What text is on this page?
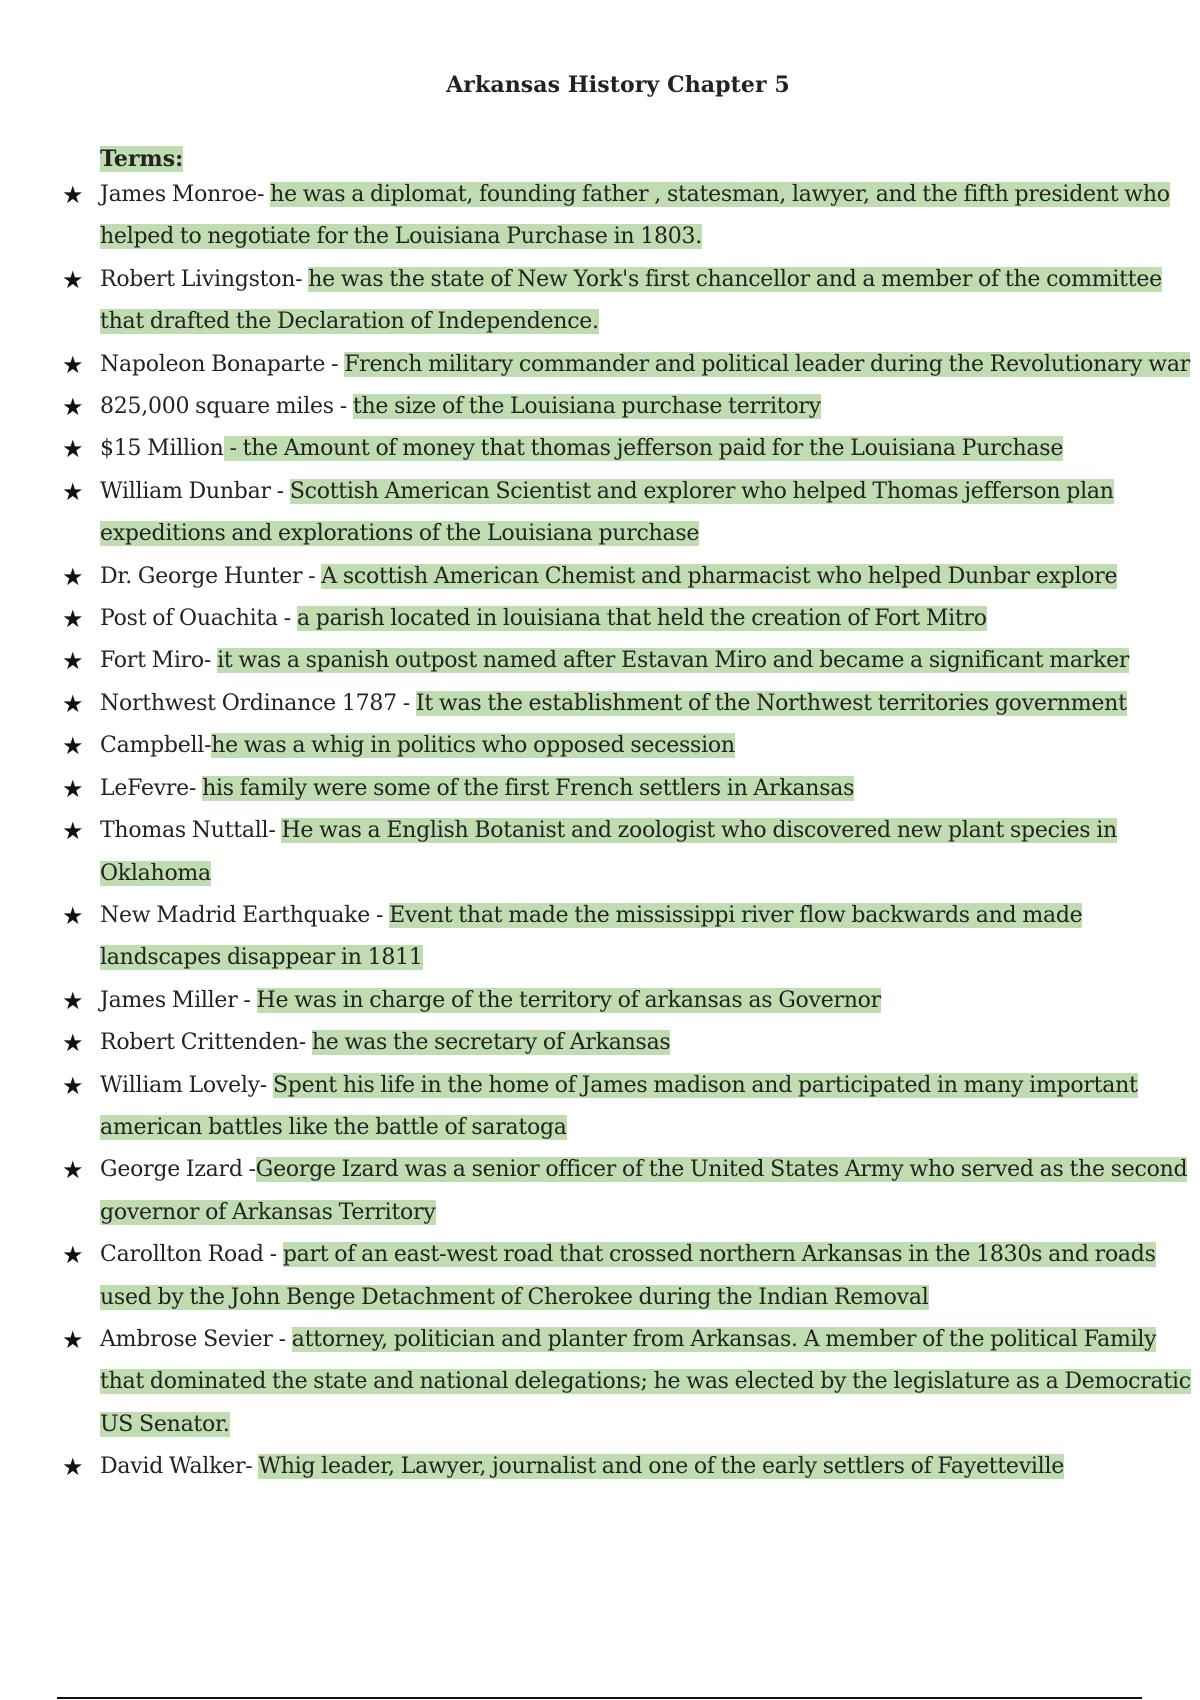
Arkansas History Chapter 5
Terms:
★ James Monroe- he was a diplomat, founding father , statesman, lawyer, and the fifth president who helped to negotiate for the Louisiana Purchase in 1803.
★ Robert Livingston- he was the state of New York's first chancellor and a member of the committee that drafted the Declaration of Independence.
★ Napoleon Bonaparte - French military commander and political leader during the Revolutionary war
★ 825,000 square miles - the size of the Louisiana purchase territory
★ $15 Million - the Amount of money that thomas jefferson paid for the Louisiana Purchase
★ William Dunbar - Scottish American Scientist and explorer who helped Thomas jefferson plan expeditions and explorations of the Louisiana purchase
★ Dr. George Hunter - A scottish American Chemist and pharmacist who helped Dunbar explore
★ Post of Ouachita - a parish located in louisiana that held the creation of Fort Mitro
★ Fort Miro- it was a spanish outpost named after Estavan Miro and became a significant marker
★ Northwest Ordinance 1787 - It was the establishment of the Northwest territories government
★ Campbell-he was a whig in politics who opposed secession
★ LeFevre- his family were some of the first French settlers in Arkansas
★ Thomas Nuttall- He was a English Botanist and zoologist who discovered new plant species in Oklahoma
★ New Madrid Earthquake - Event that made the mississippi river flow backwards and made landscapes disappear in 1811
★ James Miller - He was in charge of the territory of arkansas as Governor
★ Robert Crittenden- he was the secretary of Arkansas
★ William Lovely- Spent his life in the home of James madison and participated in many important american battles like the battle of saratoga
★ George Izard -George Izard was a senior officer of the United States Army who served as the second governor of Arkansas Territory
★ Carollton Road - part of an east-west road that crossed northern Arkansas in the 1830s and roads used by the John Benge Detachment of Cherokee during the Indian Removal
★ Ambrose Sevier - attorney, politician and planter from Arkansas. A member of the political Family that dominated the state and national delegations; he was elected by the legislature as a Democratic US Senator.
★ David Walker- Whig leader, Lawyer, journalist and one of the early settlers of Fayetteville
